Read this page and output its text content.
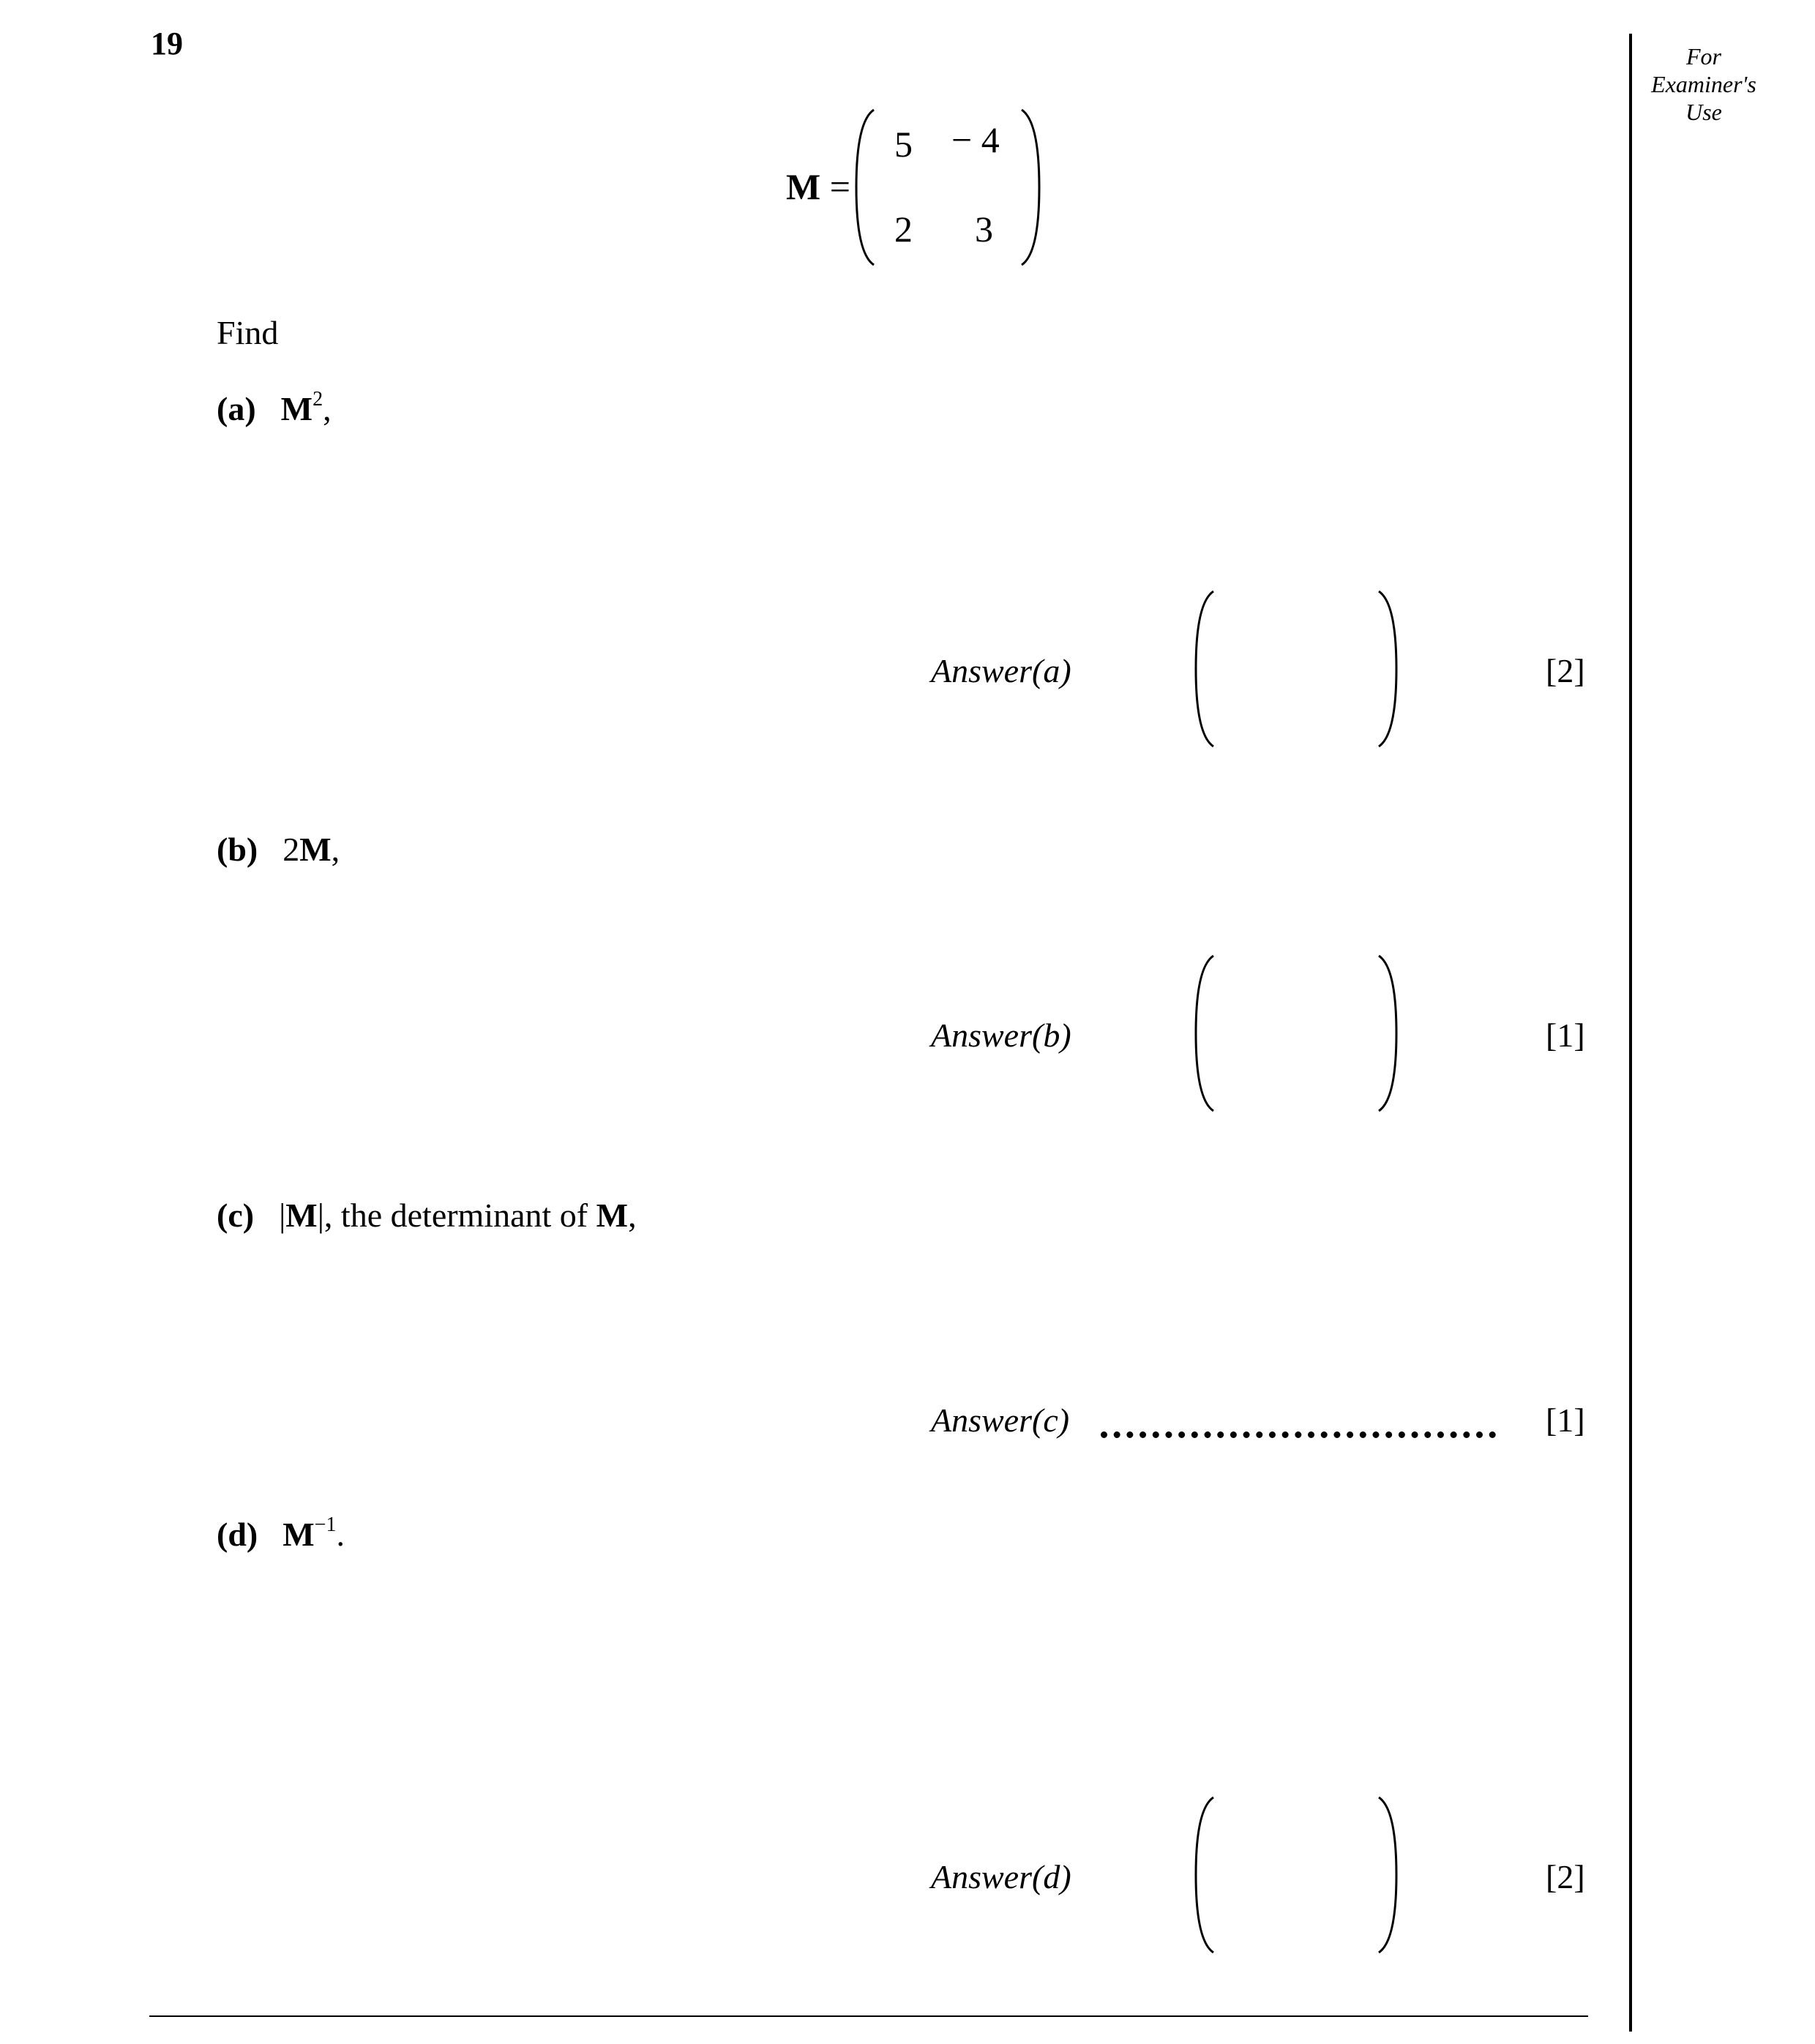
19	For
Examiner's
Use
M =
5 − 4
2 3
Find
(a) $M^2$,
Answer(a)	[2]
(b) 2M,
Answer(b)	[1]
(c) |M|, the determinant of M,
Answer(c)	[1]
(d) $M^{-1}$.
Answer(d)	[2]
